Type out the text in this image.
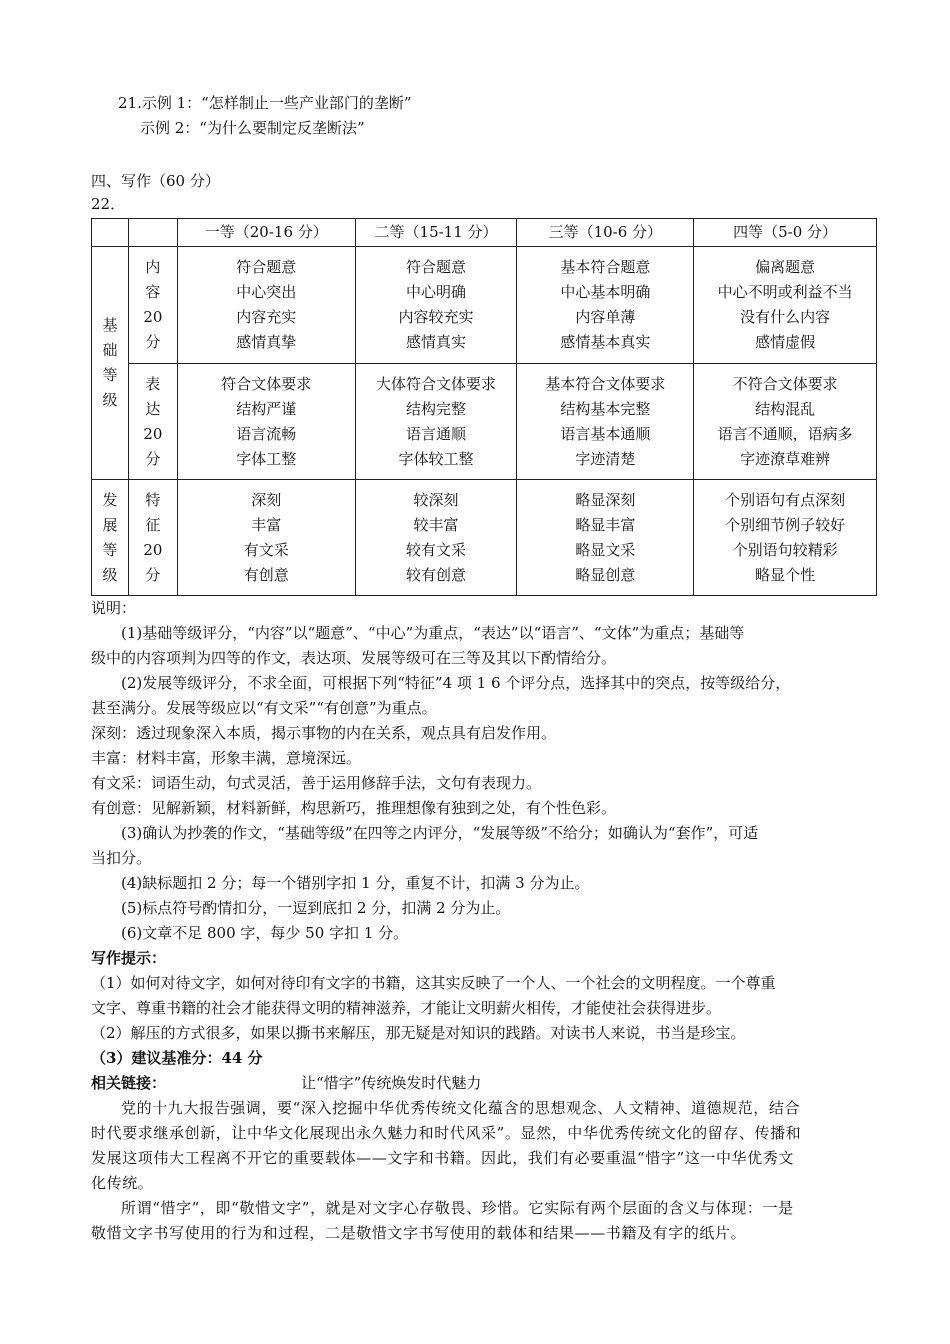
21.示例 1：“怎样制止一些产业部门的垄断”
示例 2：“为什么要制定反垄断法”
四、写作（60 分）
22．
		一等（20-16 分）	二等（15-11 分）	三等（10-6 分）	四等（5-0 分）

基
础
等
级	内
容
20
分	符合题意
中心突出
内容充实
感情真挚	符合题意
中心明确
内容较充实
感情真实	基本符合题意
中心基本明确
内容单薄
感情基本真实	偏离题意
中心不明或利益不当
没有什么内容
感情虚假

	表
达
20
分	符合文体要求
结构严谨
语言流畅
字体工整	大体符合文体要求
结构完整
语言通顺
字体较工整	基本符合文体要求
结构基本完整
语言基本通顺
字迹清楚	不符合文体要求
结构混乱
语言不通顺，语病多
字迹潦草难辨

发
展
等
级	特
征
20
分	深刻
丰富
有文采
有创意	较深刻
较丰富
较有文采
较有创意	略显深刻
略显丰富
略显文采
略显创意	个别语句有点深刻
个别细节例子较好
个别语句较精彩
略显个性
说明：
(1)基础等级评分，“内容”以“题意”、“中心”为重点，“表达”以“语言”、“文体”为重点；基础等
级中的内容项判为四等的作文，表达项、发展等级可在三等及其以下酌情给分。
(2)发展等级评分，不求全面，可根据下列“特征”4 项 1 6 个评分点，选择其中的突点，按等级给分，
甚至满分。发展等级应以“有文采”“有创意”为重点。
深刻：透过现象深入本质，揭示事物的内在关系，观点具有启发作用。
丰富：材料丰富，形象丰满，意境深远。
有文采：词语生动，句式灵活，善于运用修辞手法，文句有表现力。
有创意：见解新颖，材料新鲜，构思新巧，推理想像有独到之处，有个性色彩。
(3)确认为抄袭的作文，“基础等级”在四等之内评分，“发展等级”不给分；如确认为“套作”，可适
当扣分。
(4)缺标题扣 2 分；每一个错别字扣 1 分，重复不计，扣满 3 分为止。
(5)标点符号酌情扣分，一逗到底扣 2 分，扣满 2 分为止。
(6)文章不足 800 字，每少 50 字扣 1 分。
写作提示：
（1）如何对待文字，如何对待印有文字的书籍，这其实反映了一个人、一个社会的文明程度。一个尊重
文字、尊重书籍的社会才能获得文明的精神滋养，才能让文明薪火相传，才能使社会获得进步。
（2）解压的方式很多，如果以撕书来解压，那无疑是对知识的践踏。对读书人来说，书当是珍宝。
（3）建议基准分：44 分
相关链接：	让“惜字”传统焕发时代魅力
党的十九大报告强调，要“深入挖掘中华优秀传统文化蕴含的思想观念、人文精神、道德规范，结合
时代要求继承创新，让中华文化展现出永久魅力和时代风采”。显然，中华优秀传统文化的留存、传播和
发展这项伟大工程离不开它的重要载体——文字和书籍。因此，我们有必要重温“惜字”这一中华优秀文
化传统。
所谓“惜字”，即“敬惜文字”，就是对文字心存敬畏、珍惜。它实际有两个层面的含义与体现：一是
敬惜文字书写使用的行为和过程，二是敬惜文字书写使用的载体和结果——书籍及有字的纸片。
